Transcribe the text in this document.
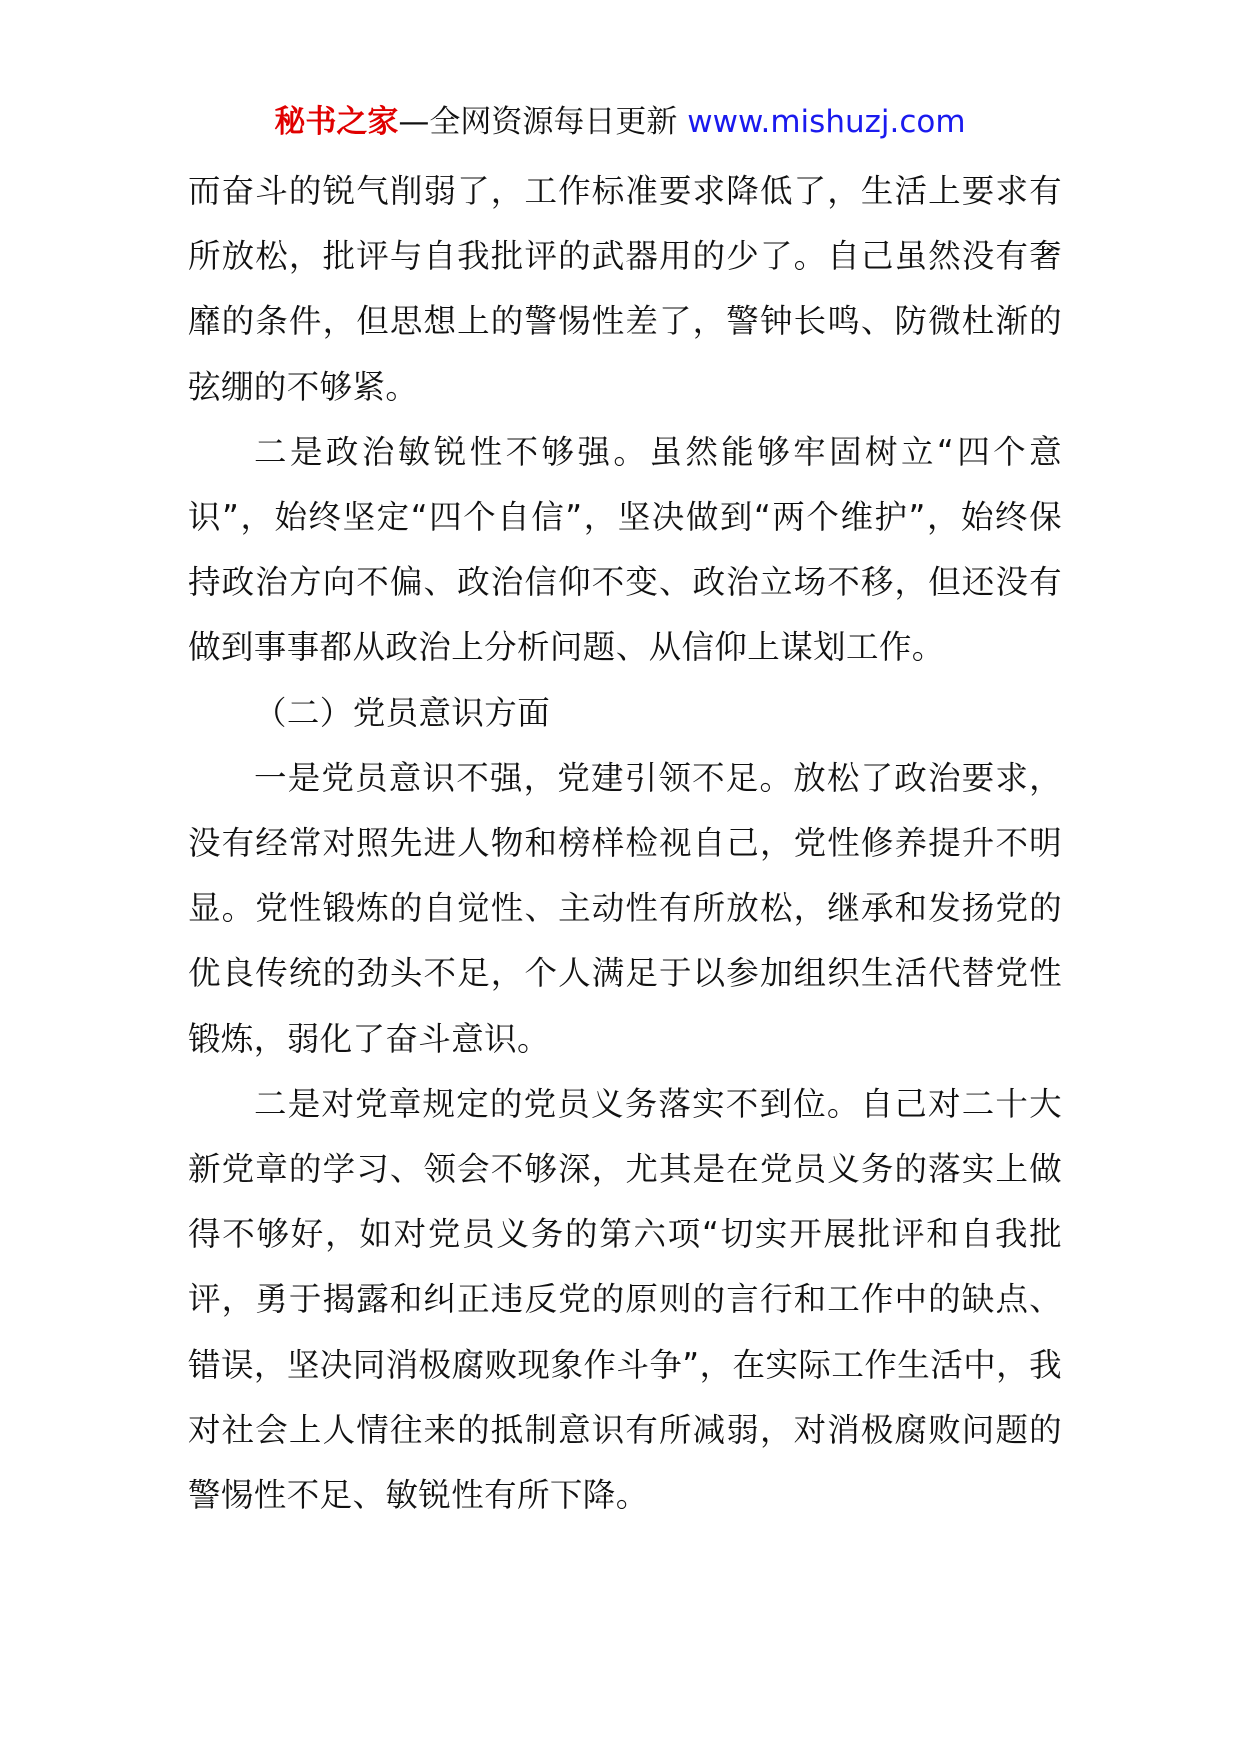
秘书之家—全网资源每日更新 www.mishuzj.com

而奋斗的锐气削弱了，工作标准要求降低了，生活上要求有所放松，批评与自我批评的武器用的少了。自己虽然没有奢靡的条件，但思想上的警惕性差了，警钟长鸣、防微杜渐的弦绷的不够紧。

二是政治敏锐性不够强。虽然能够牢固树立“四个意识”，始终坚定“四个自信”，坚决做到“两个维护”，始终保持政治方向不偏、政治信仰不变、政治立场不移，但还没有做到事事都从政治上分析问题、从信仰上谋划工作。

（二）党员意识方面

一是党员意识不强，党建引领不足。放松了政治要求，没有经常对照先进人物和榜样检视自己，党性修养提升不明显。党性锻炼的自觉性、主动性有所放松，继承和发扬党的优良传统的劲头不足，个人满足于以参加组织生活代替党性锻炼，弱化了奋斗意识。

二是对党章规定的党员义务落实不到位。自己对二十大新党章的学习、领会不够深，尤其是在党员义务的落实上做得不够好，如对党员义务的第六项“切实开展批评和自我批评，勇于揭露和纠正违反党的原则的言行和工作中的缺点、错误，坚决同消极腐败现象作斗争”，在实际工作生活中，我对社会上人情往来的抵制意识有所减弱，对消极腐败问题的警惕性不足、敏锐性有所下降。
